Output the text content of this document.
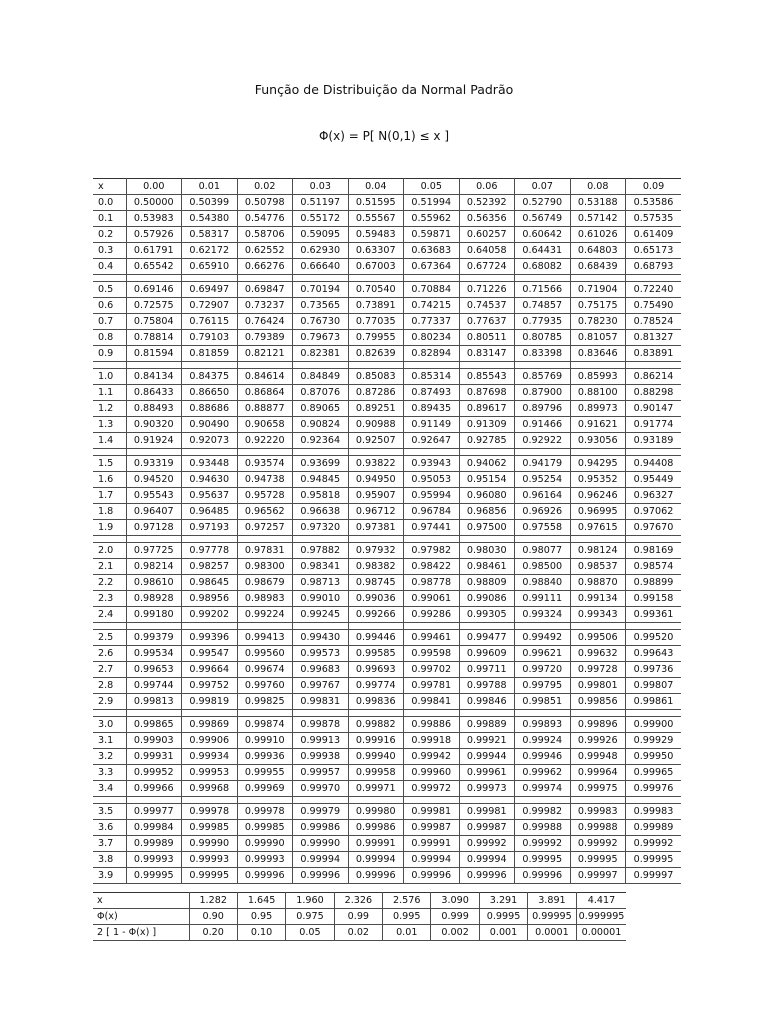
Função de Distribuição da Normal Padrão
Φ(x) = P[ N(0,1) ≤ x ]
x	0.00	0.01	0.02	0.03	0.04	0.05	0.06	0.07	0.08	0.09
0.0	0.50000	0.50399	0.50798	0.51197	0.51595	0.51994	0.52392	0.52790	0.53188	0.53586
0.1	0.53983	0.54380	0.54776	0.55172	0.55567	0.55962	0.56356	0.56749	0.57142	0.57535
0.2	0.57926	0.58317	0.58706	0.59095	0.59483	0.59871	0.60257	0.60642	0.61026	0.61409
0.3	0.61791	0.62172	0.62552	0.62930	0.63307	0.63683	0.64058	0.64431	0.64803	0.65173
0.4	0.65542	0.65910	0.66276	0.66640	0.67003	0.67364	0.67724	0.68082	0.68439	0.68793

0.5	0.69146	0.69497	0.69847	0.70194	0.70540	0.70884	0.71226	0.71566	0.71904	0.72240
0.6	0.72575	0.72907	0.73237	0.73565	0.73891	0.74215	0.74537	0.74857	0.75175	0.75490
0.7	0.75804	0.76115	0.76424	0.76730	0.77035	0.77337	0.77637	0.77935	0.78230	0.78524
0.8	0.78814	0.79103	0.79389	0.79673	0.79955	0.80234	0.80511	0.80785	0.81057	0.81327
0.9	0.81594	0.81859	0.82121	0.82381	0.82639	0.82894	0.83147	0.83398	0.83646	0.83891

1.0	0.84134	0.84375	0.84614	0.84849	0.85083	0.85314	0.85543	0.85769	0.85993	0.86214
1.1	0.86433	0.86650	0.86864	0.87076	0.87286	0.87493	0.87698	0.87900	0.88100	0.88298
1.2	0.88493	0.88686	0.88877	0.89065	0.89251	0.89435	0.89617	0.89796	0.89973	0.90147
1.3	0.90320	0.90490	0.90658	0.90824	0.90988	0.91149	0.91309	0.91466	0.91621	0.91774
1.4	0.91924	0.92073	0.92220	0.92364	0.92507	0.92647	0.92785	0.92922	0.93056	0.93189

1.5	0.93319	0.93448	0.93574	0.93699	0.93822	0.93943	0.94062	0.94179	0.94295	0.94408
1.6	0.94520	0.94630	0.94738	0.94845	0.94950	0.95053	0.95154	0.95254	0.95352	0.95449
1.7	0.95543	0.95637	0.95728	0.95818	0.95907	0.95994	0.96080	0.96164	0.96246	0.96327
1.8	0.96407	0.96485	0.96562	0.96638	0.96712	0.96784	0.96856	0.96926	0.96995	0.97062
1.9	0.97128	0.97193	0.97257	0.97320	0.97381	0.97441	0.97500	0.97558	0.97615	0.97670

2.0	0.97725	0.97778	0.97831	0.97882	0.97932	0.97982	0.98030	0.98077	0.98124	0.98169
2.1	0.98214	0.98257	0.98300	0.98341	0.98382	0.98422	0.98461	0.98500	0.98537	0.98574
2.2	0.98610	0.98645	0.98679	0.98713	0.98745	0.98778	0.98809	0.98840	0.98870	0.98899
2.3	0.98928	0.98956	0.98983	0.99010	0.99036	0.99061	0.99086	0.99111	0.99134	0.99158
2.4	0.99180	0.99202	0.99224	0.99245	0.99266	0.99286	0.99305	0.99324	0.99343	0.99361

2.5	0.99379	0.99396	0.99413	0.99430	0.99446	0.99461	0.99477	0.99492	0.99506	0.99520
2.6	0.99534	0.99547	0.99560	0.99573	0.99585	0.99598	0.99609	0.99621	0.99632	0.99643
2.7	0.99653	0.99664	0.99674	0.99683	0.99693	0.99702	0.99711	0.99720	0.99728	0.99736
2.8	0.99744	0.99752	0.99760	0.99767	0.99774	0.99781	0.99788	0.99795	0.99801	0.99807
2.9	0.99813	0.99819	0.99825	0.99831	0.99836	0.99841	0.99846	0.99851	0.99856	0.99861

3.0	0.99865	0.99869	0.99874	0.99878	0.99882	0.99886	0.99889	0.99893	0.99896	0.99900
3.1	0.99903	0.99906	0.99910	0.99913	0.99916	0.99918	0.99921	0.99924	0.99926	0.99929
3.2	0.99931	0.99934	0.99936	0.99938	0.99940	0.99942	0.99944	0.99946	0.99948	0.99950
3.3	0.99952	0.99953	0.99955	0.99957	0.99958	0.99960	0.99961	0.99962	0.99964	0.99965
3.4	0.99966	0.99968	0.99969	0.99970	0.99971	0.99972	0.99973	0.99974	0.99975	0.99976

3.5	0.99977	0.99978	0.99978	0.99979	0.99980	0.99981	0.99981	0.99982	0.99983	0.99983
3.6	0.99984	0.99985	0.99985	0.99986	0.99986	0.99987	0.99987	0.99988	0.99988	0.99989
3.7	0.99989	0.99990	0.99990	0.99990	0.99991	0.99991	0.99992	0.99992	0.99992	0.99992
3.8	0.99993	0.99993	0.99993	0.99994	0.99994	0.99994	0.99994	0.99995	0.99995	0.99995
3.9	0.99995	0.99995	0.99996	0.99996	0.99996	0.99996	0.99996	0.99996	0.99997	0.99997
x	1.282	1.645	1.960	2.326	2.576	3.090	3.291	3.891	4.417
Φ(x)	0.90	0.95	0.975	0.99	0.995	0.999	0.9995	0.99995	0.999995
2 [ 1 - Φ(x) ]	0.20	0.10	0.05	0.02	0.01	0.002	0.001	0.0001	0.00001
